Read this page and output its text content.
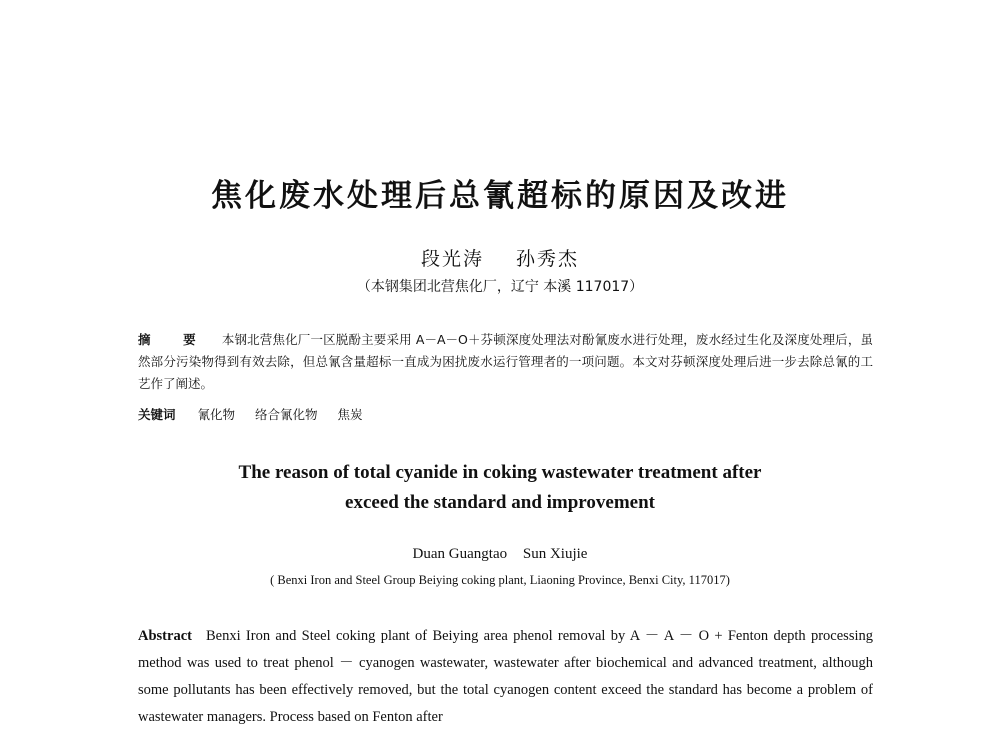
焦化废水处理后总氰超标的原因及改进
段光涛 孙秀杰
（本钢集团北营焦化厂，辽宁 本溪 117017）
摘 要 本钢北营焦化厂一区脱酚主要采用 A－A－O＋芬顿深度处理法对酚氰废水进行处理，废水经过生化及深度处理后，虽然部分污染物得到有效去除，但总氰含量超标一直成为困扰废水运行管理者的一项问题。本文对芬顿深度处理后进一步去除总氰的工艺作了阐述。
关键词 氰化物 络合氰化物 焦炭
The reason of total cyanide in coking wastewater treatment after
exceed the standard and improvement
Duan Guangtao Sun Xiujie
( Benxi Iron and Steel Group Beiying coking plant, Liaoning Province, Benxi City, 117017)
Abstract Benxi Iron and Steel coking plant of Beiying area phenol removal by A － A － O + Fenton depth processing method was used to treat phenol － cyanogen wastewater, wastewater after biochemical and advanced treatment, although some pollutants has been effectively removed, but the total cyanogen content exceed the standard has become a problem of wastewater managers. Process based on Fenton after
